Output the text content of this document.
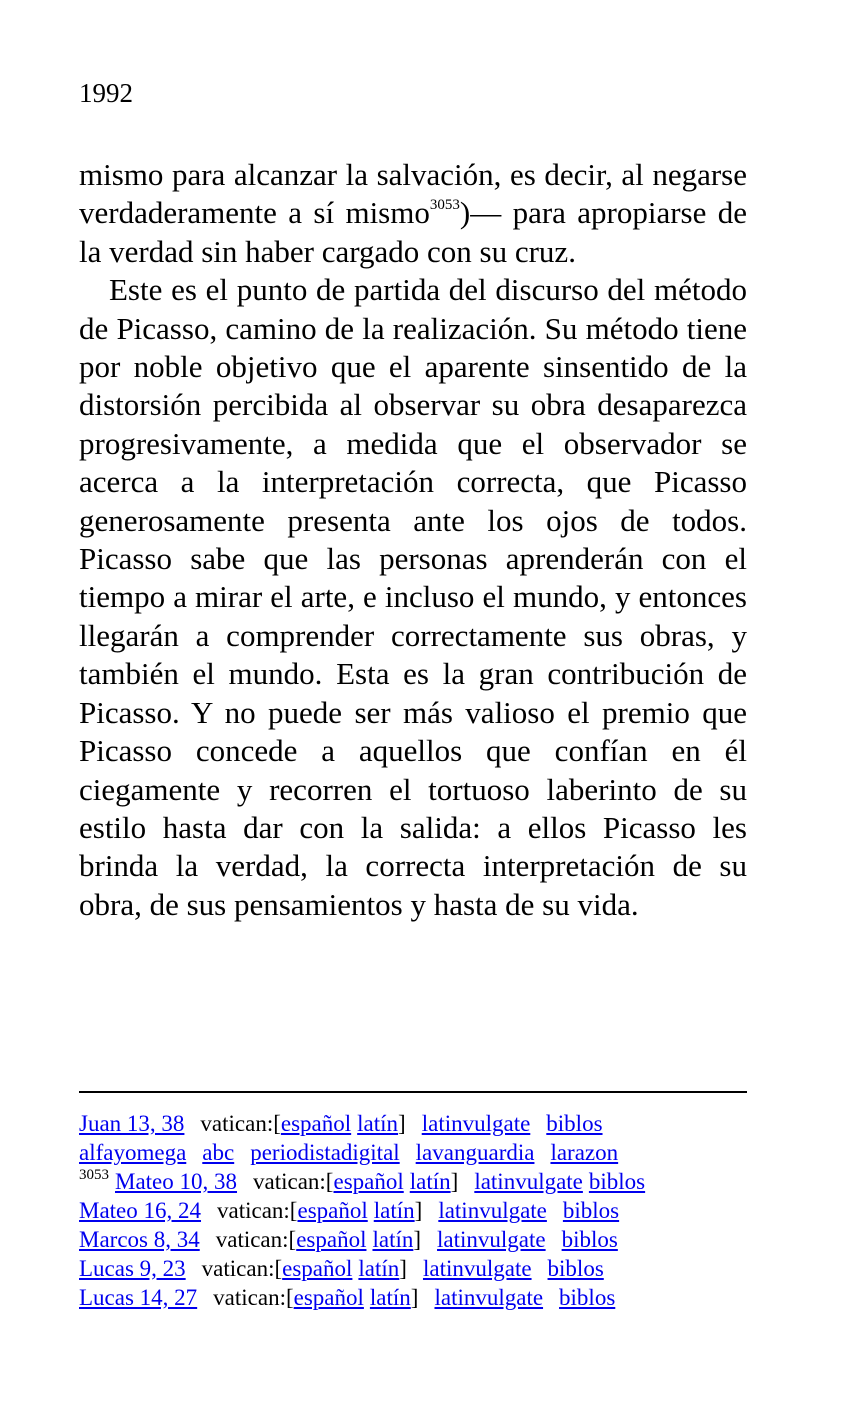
1992

mismo para alcanzar la salvación, es decir, al negarse verdaderamente a sí mismo$^{3053}$)— para apropiarse de la verdad sin haber cargado con su cruz.

Este es el punto de partida del discurso del método de Picasso, camino de la realización. Su método tiene por noble objetivo que el aparente sinsentido de la distorsión percibida al observar su obra desaparezca progresivamente, a medida que el observador se acerca a la interpretación correcta, que Picasso generosamente presenta ante los ojos de todos. Picasso sabe que las personas aprenderán con el tiempo a mirar el arte, e incluso el mundo, y entonces llegarán a comprender correctamente sus obras, y también el mundo. Esta es la gran contribución de Picasso. Y no puede ser más valioso el premio que Picasso concede a aquellos que confían en él ciegamente y recorren el tortuoso laberinto de su estilo hasta dar con la salida: a ellos Picasso les brinda la verdad, la correcta interpretación de su obra, de sus pensamientos y hasta de su vida.

Juan 13, 38 vatican:[español latín] latinvulgate biblos
alfayomega abc periodistadigital lavanguardia larazon
$^{3053}$ Mateo 10, 38 vatican:[español latín] latinvulgate biblos
Mateo 16, 24 vatican:[español latín] latinvulgate biblos
Marcos 8, 34 vatican:[español latín] latinvulgate biblos
Lucas 9, 23 vatican:[español latín] latinvulgate biblos
Lucas 14, 27 vatican:[español latín] latinvulgate biblos
